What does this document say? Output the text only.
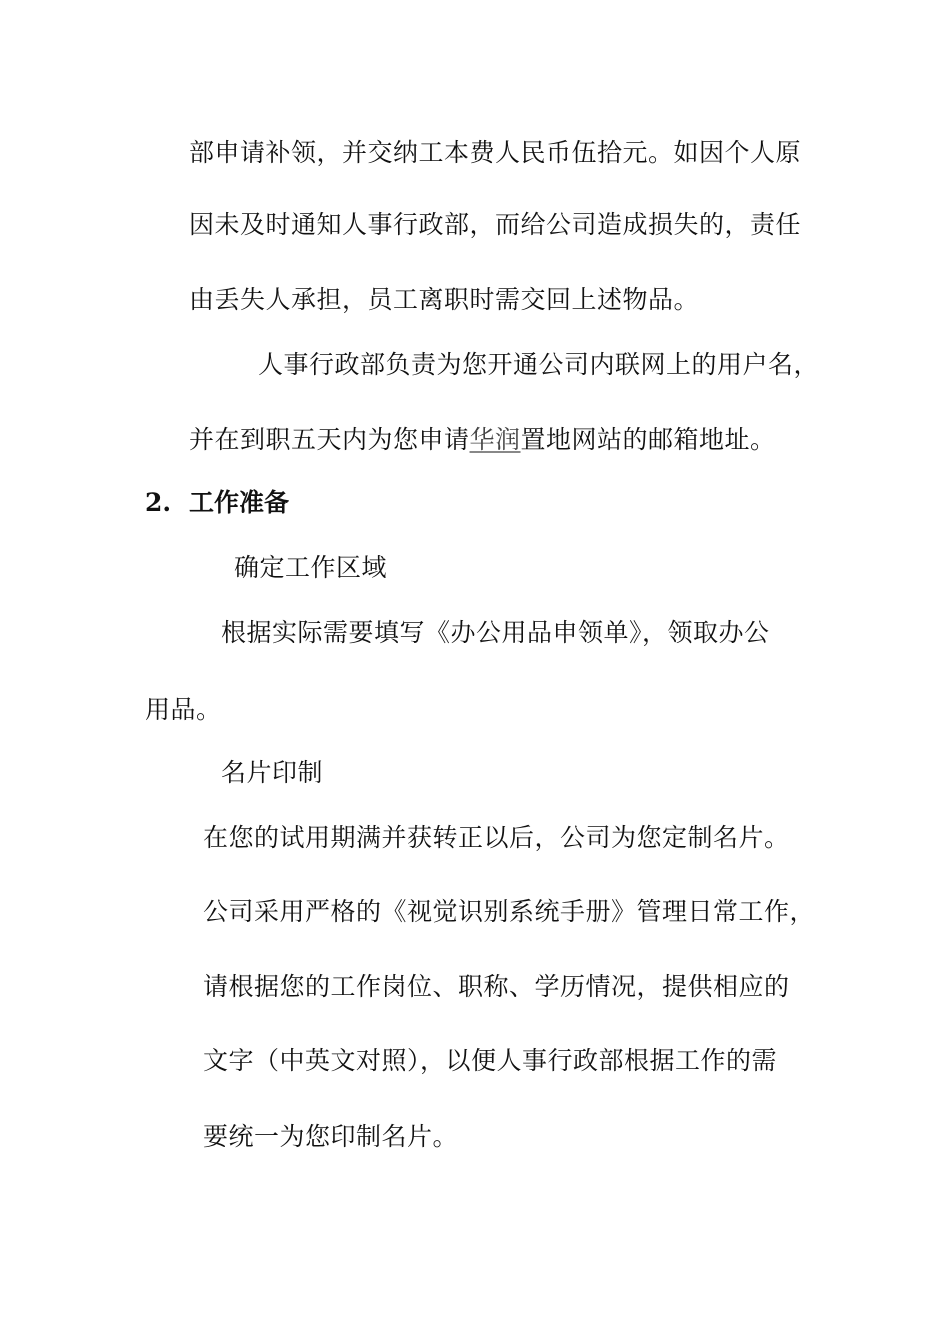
部申请补领，并交纳工本费人民币伍拾元。如因个人原
因未及时通知人事行政部，而给公司造成损失的，责任
由丢失人承担，员工离职时需交回上述物品。
人事行政部负责为您开通公司内联网上的用户名，
并在到职五天内为您申请华润置地网站的邮箱地址。
2. 工作准备
确定工作区域
根据实际需要填写《办公用品申领单》，领取办公
用品。
名片印制
在您的试用期满并获转正以后，公司为您定制名片。
公司采用严格的《视觉识别系统手册》管理日常工作，
请根据您的工作岗位、职称、学历情况，提供相应的
文字（中英文对照），以便人事行政部根据工作的需
要统一为您印制名片。
